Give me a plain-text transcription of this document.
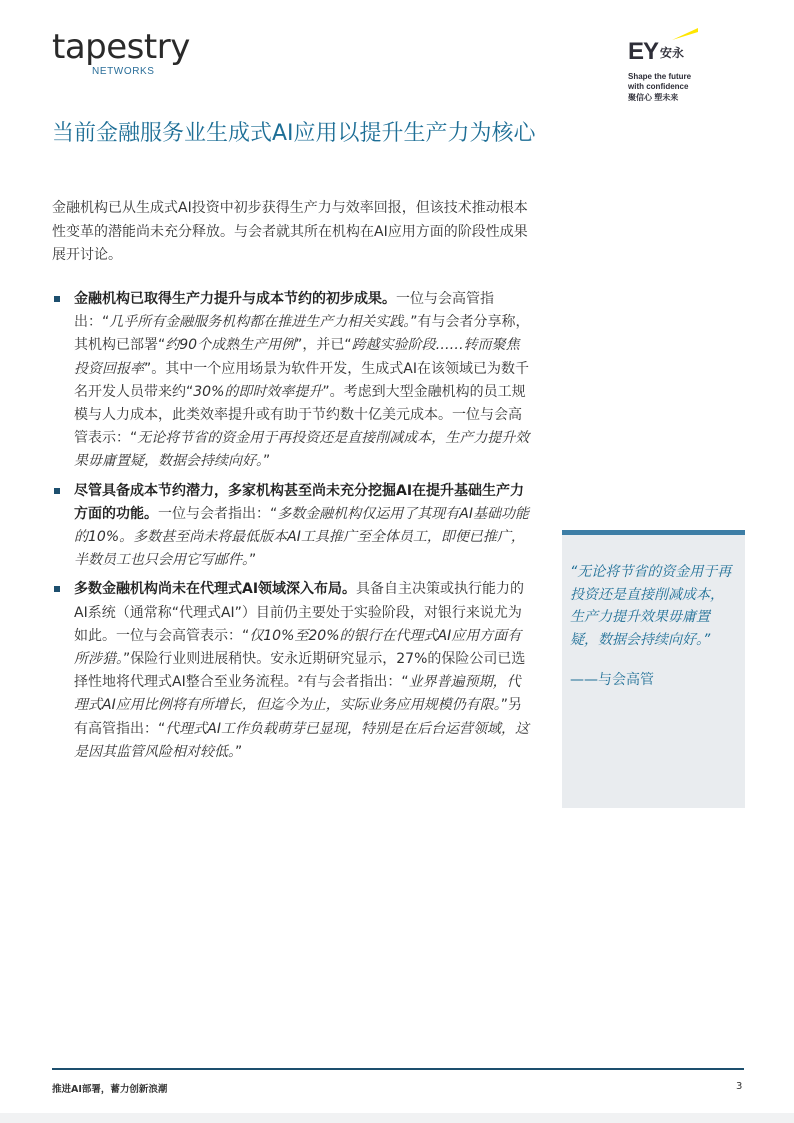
tapestry
NETWORKS
EY 安永
Shape the future
with confidence
聚信心 塑未来
当前金融服务业生成式AI应用以提升生产力为核心

金融机构已从生成式AI投资中初步获得生产力与效率回报，但该技术推动根本性变革的潜能尚未充分释放。与会者就其所在机构在AI应用方面的阶段性成果展开讨论。

金融机构已取得生产力提升与成本节约的初步成果。一位与会高管指出：“几乎所有金融服务机构都在推进生产力相关实践。”有与会者分享称，其机构已部署“约90个成熟生产用例”，并已“跨越实验阶段……转而聚焦投资回报率”。其中一个应用场景为软件开发，生成式AI在该领域已为数千名开发人员带来约“30%的即时效率提升”。考虑到大型金融机构的员工规模与人力成本，此类效率提升或有助于节约数十亿美元成本。一位与会高管表示：“无论将节省的资金用于再投资还是直接削减成本，生产力提升效果毋庸置疑，数据会持续向好。”
尽管具备成本节约潜力，多家机构甚至尚未充分挖掘AI在提升基础生产力方面的功能。一位与会者指出：“多数金融机构仅运用了其现有AI基础功能的10%。多数甚至尚未将最低版本AI工具推广至全体员工，即便已推广，半数员工也只会用它写邮件。”
多数金融机构尚未在代理式AI领域深入布局。具备自主决策或执行能力的AI系统（通常称“代理式AI”）目前仍主要处于实验阶段，对银行来说尤为如此。一位与会高管表示：“仅10%至20%的银行在代理式AI应用方面有所涉猎。”保险行业则进展稍快。安永近期研究显示，27%的保险公司已选择性地将代理式AI整合至业务流程。²有与会者指出：“业界普遍预期，代理式AI应用比例将有所增长，但迄今为止，实际业务应用规模仍有限。”另有高管指出：“代理式AI工作负载萌芽已显现，特别是在后台运营领域，这是因其监管风险相对较低。”

“无论将节省的资金用于再投资还是直接削减成本，生产力提升效果毋庸置疑，数据会持续向好。”

——与会高管
推进AI部署，蓄力创新浪潮	3
